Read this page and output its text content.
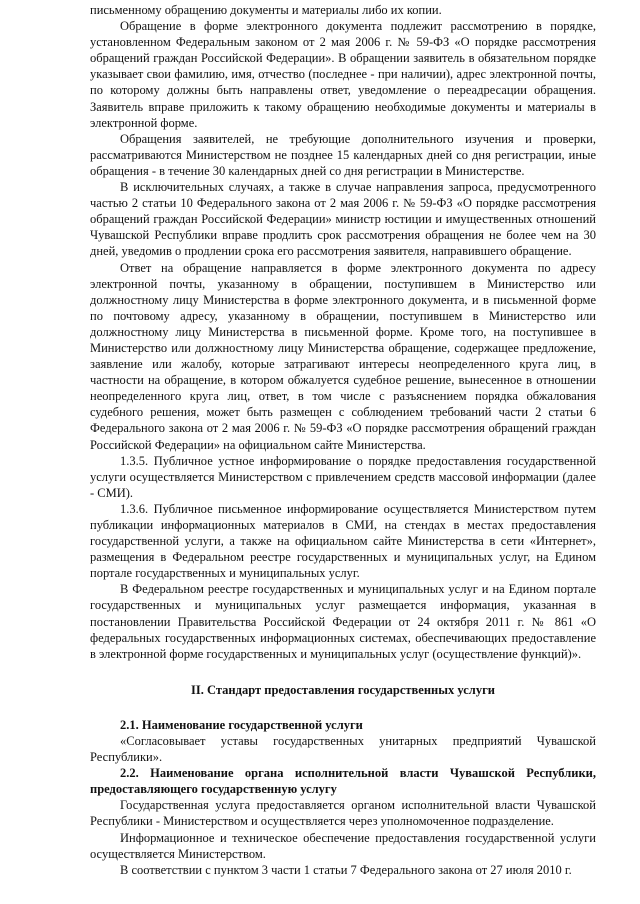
письменному обращению документы и материалы либо их копии.

Обращение в форме электронного документа подлежит рассмотрению в порядке, установленном Федеральным законом от 2 мая 2006 г. № 59-ФЗ «О порядке рассмотрения обращений граждан Российской Федерации». В обращении заявитель в обязательном порядке указывает свои фамилию, имя, отчество (последнее - при наличии), адрес электронной почты, по которому должны быть направлены ответ, уведомление о переадресации обращения. Заявитель вправе приложить к такому обращению необходимые документы и материалы в электронной форме.

Обращения заявителей, не требующие дополнительного изучения и проверки, рассматриваются Министерством не позднее 15 календарных дней со дня регистрации, иные обращения - в течение 30 календарных дней со дня регистрации в Министерстве.

В исключительных случаях, а также в случае направления запроса, предусмотренного частью 2 статьи 10 Федерального закона от 2 мая 2006 г. № 59-ФЗ «О порядке рассмотрения обращений граждан Российской Федерации» министр юстиции и имущественных отношений Чувашской Республики вправе продлить срок рассмотрения обращения не более чем на 30 дней, уведомив о продлении срока его рассмотрения заявителя, направившего обращение.

Ответ на обращение направляется в форме электронного документа по адресу электронной почты, указанному в обращении, поступившем в Министерство или должностному лицу Министерства в форме электронного документа, и в письменной форме по почтовому адресу, указанному в обращении, поступившем в Министерство или должностному лицу Министерства в письменной форме. Кроме того, на поступившее в Министерство или должностному лицу Министерства обращение, содержащее предложение, заявление или жалобу, которые затрагивают интересы неопределенного круга лиц, в частности на обращение, в котором обжалуется судебное решение, вынесенное в отношении неопределенного круга лиц, ответ, в том числе с разъяснением порядка обжалования судебного решения, может быть размещен с соблюдением требований части 2 статьи 6 Федерального закона от 2 мая 2006 г. № 59-ФЗ «О порядке рассмотрения обращений граждан Российской Федерации» на официальном сайте Министерства.

1.3.5. Публичное устное информирование о порядке предоставления государственной услуги осуществляется Министерством с привлечением средств массовой информации (далее - СМИ).

1.3.6. Публичное письменное информирование осуществляется Министерством путем публикации информационных материалов в СМИ, на стендах в местах предоставления государственной услуги, а также на официальном сайте Министерства в сети «Интернет», размещения в Федеральном реестре государственных и муниципальных услуг, на Едином портале государственных и муниципальных услуг.

В Федеральном реестре государственных и муниципальных услуг и на Едином портале государственных и муниципальных услуг размещается информация, указанная в постановлении Правительства Российской Федерации от 24 октября 2011 г. № 861 «О федеральных государственных информационных системах, обеспечивающих предоставление в электронной форме государственных и муниципальных услуг (осуществление функций)».

II. Стандарт предоставления государственных услуги

2.1. Наименование государственной услуги

«Согласовывает уставы государственных унитарных предприятий Чувашской Республики».

2.2. Наименование органа исполнительной власти Чувашской Республики, предоставляющего государственную услугу

Государственная услуга предоставляется органом исполнительной власти Чувашской Республики - Министерством и осуществляется через уполномоченное подразделение.

Информационное и техническое обеспечение предоставления государственной услуги осуществляется Министерством.

В соответствии с пунктом 3 части 1 статьи 7 Федерального закона от 27 июля 2010 г.
